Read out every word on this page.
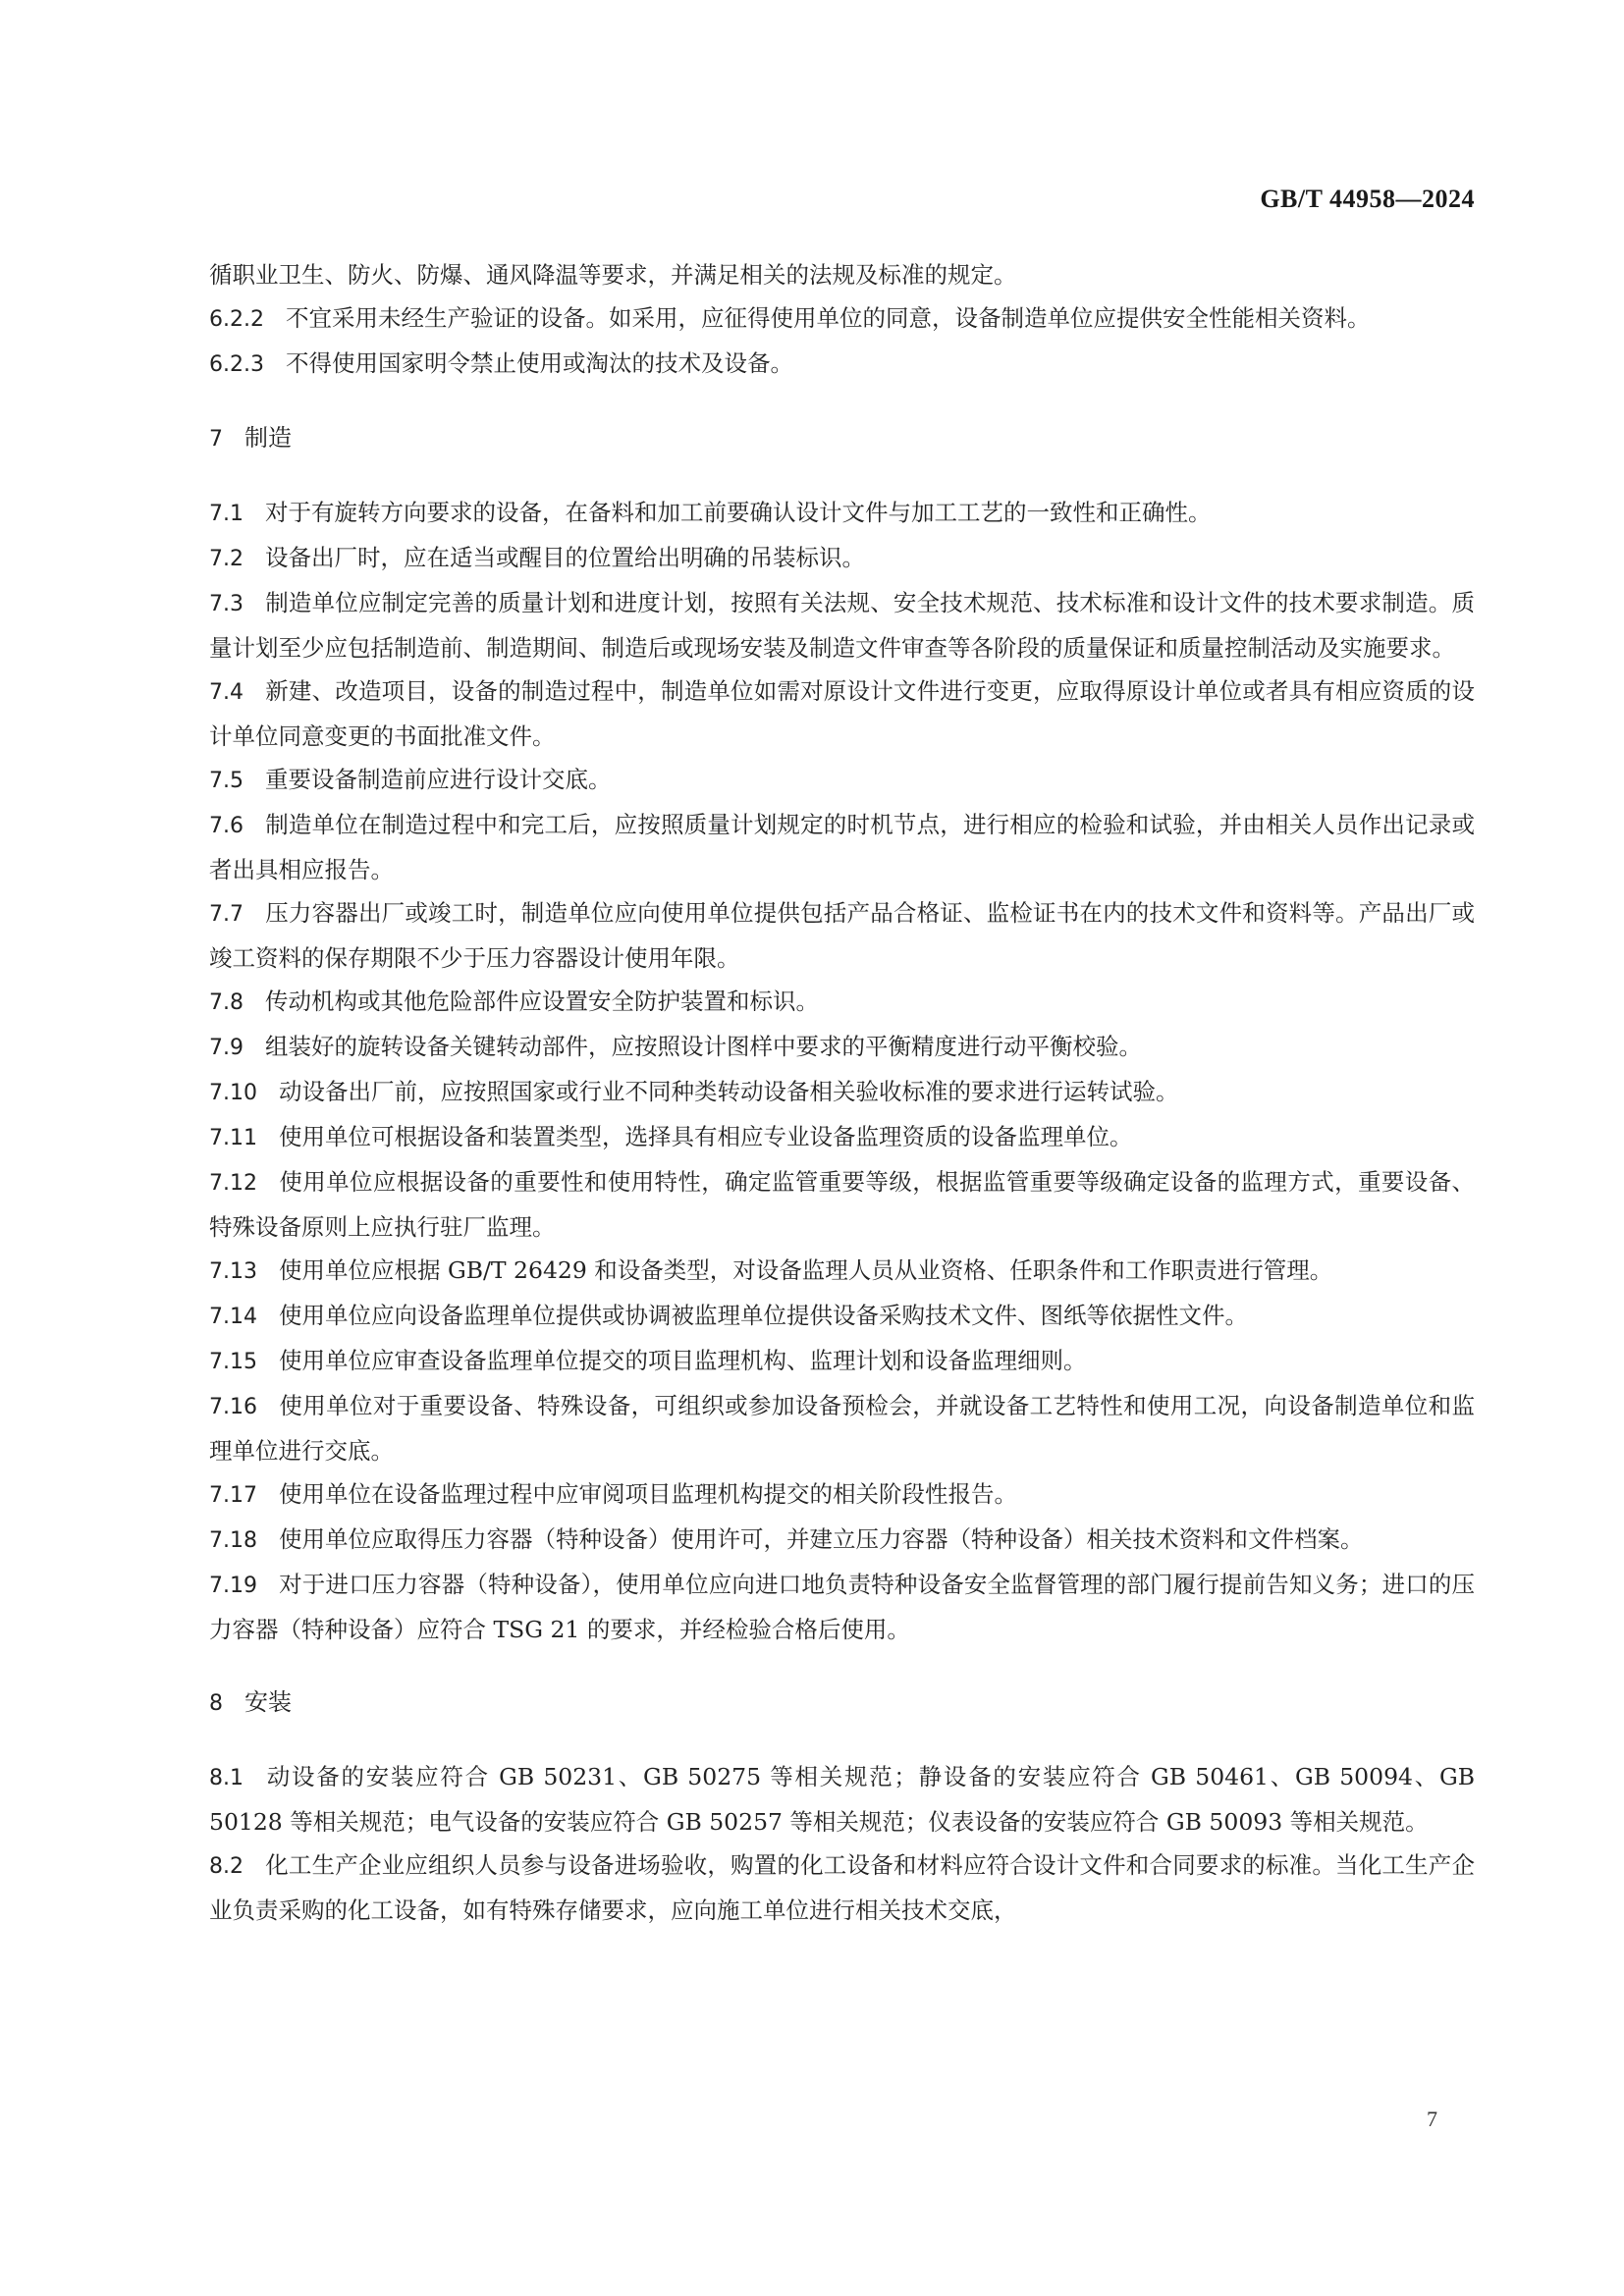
GB/T 44958—2024
循职业卫生、防火、防爆、通风降温等要求，并满足相关的法规及标准的规定。
6.2.2 不宜采用未经生产验证的设备。如采用，应征得使用单位的同意，设备制造单位应提供安全性能相关资料。
6.2.3 不得使用国家明令禁止使用或淘汰的技术及设备。
7 制造
7.1 对于有旋转方向要求的设备，在备料和加工前要确认设计文件与加工工艺的一致性和正确性。
7.2 设备出厂时，应在适当或醒目的位置给出明确的吊装标识。
7.3 制造单位应制定完善的质量计划和进度计划，按照有关法规、安全技术规范、技术标准和设计文件的技术要求制造。质量计划至少应包括制造前、制造期间、制造后或现场安装及制造文件审查等各阶段的质量保证和质量控制活动及实施要求。
7.4 新建、改造项目，设备的制造过程中，制造单位如需对原设计文件进行变更，应取得原设计单位或者具有相应资质的设计单位同意变更的书面批准文件。
7.5 重要设备制造前应进行设计交底。
7.6 制造单位在制造过程中和完工后，应按照质量计划规定的时机节点，进行相应的检验和试验，并由相关人员作出记录或者出具相应报告。
7.7 压力容器出厂或竣工时，制造单位应向使用单位提供包括产品合格证、监检证书在内的技术文件和资料等。产品出厂或竣工资料的保存期限不少于压力容器设计使用年限。
7.8 传动机构或其他危险部件应设置安全防护装置和标识。
7.9 组装好的旋转设备关键转动部件，应按照设计图样中要求的平衡精度进行动平衡校验。
7.10 动设备出厂前，应按照国家或行业不同种类转动设备相关验收标准的要求进行运转试验。
7.11 使用单位可根据设备和装置类型，选择具有相应专业设备监理资质的设备监理单位。
7.12 使用单位应根据设备的重要性和使用特性，确定监管重要等级，根据监管重要等级确定设备的监理方式，重要设备、特殊设备原则上应执行驻厂监理。
7.13 使用单位应根据 GB/T 26429 和设备类型，对设备监理人员从业资格、任职条件和工作职责进行管理。
7.14 使用单位应向设备监理单位提供或协调被监理单位提供设备采购技术文件、图纸等依据性文件。
7.15 使用单位应审查设备监理单位提交的项目监理机构、监理计划和设备监理细则。
7.16 使用单位对于重要设备、特殊设备，可组织或参加设备预检会，并就设备工艺特性和使用工况，向设备制造单位和监理单位进行交底。
7.17 使用单位在设备监理过程中应审阅项目监理机构提交的相关阶段性报告。
7.18 使用单位应取得压力容器（特种设备）使用许可，并建立压力容器（特种设备）相关技术资料和文件档案。
7.19 对于进口压力容器（特种设备），使用单位应向进口地负责特种设备安全监督管理的部门履行提前告知义务；进口的压力容器（特种设备）应符合 TSG 21 的要求，并经检验合格后使用。
8 安装
8.1 动设备的安装应符合 GB 50231、GB 50275 等相关规范；静设备的安装应符合 GB 50461、GB 50094、GB 50128 等相关规范；电气设备的安装应符合 GB 50257 等相关规范；仪表设备的安装应符合 GB 50093 等相关规范。
8.2 化工生产企业应组织人员参与设备进场验收，购置的化工设备和材料应符合设计文件和合同要求的标准。当化工生产企业负责采购的化工设备，如有特殊存储要求，应向施工单位进行相关技术交底，
7
